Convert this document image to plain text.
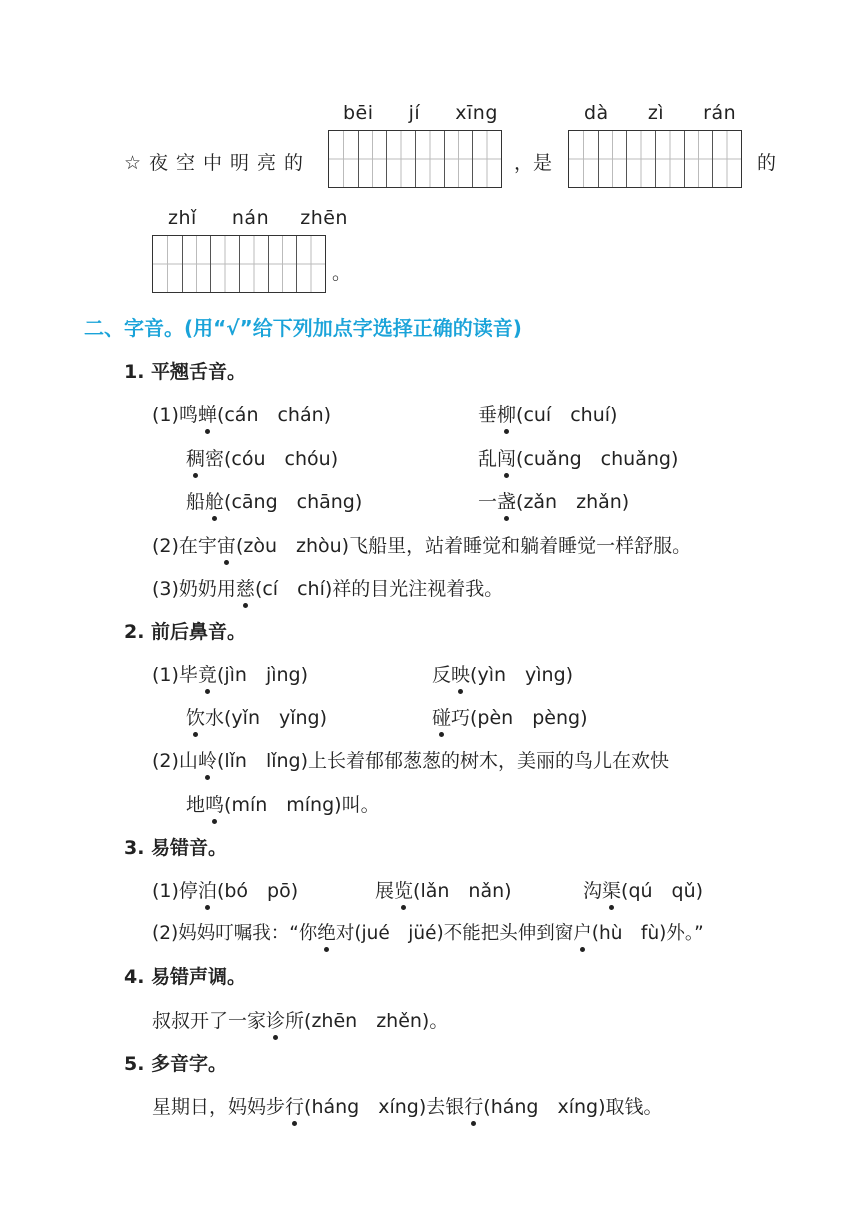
bēi jí xīng	dà zì rán
☆夜空中明亮的	，是	的
zhǐ nán zhēn
。
二、字音。(用“√”给下列加点字选择正确的读音)
1. 平翘舌音。
(1)鸣蝉(cán　chán)	垂柳(cuí　chuí)
稠密(cóu　chóu)	乱闯(cuǎng　chuǎng)
船舱(cāng　chāng)	一盏(zǎn　zhǎn)
(2)在宇宙(zòu　zhòu)飞船里，站着睡觉和躺着睡觉一样舒服。
(3)奶奶用慈(cí　chí)祥的目光注视着我。
2. 前后鼻音。
(1)毕竟(jìn　jìng)	反映(yìn　yìng)
饮水(yǐn　yǐng)	碰巧(pèn　pèng)
(2)山岭(lǐn　lǐng)上长着郁郁葱葱的树木，美丽的鸟儿在欢快
地鸣(mín　míng)叫。
3. 易错音。
(1)停泊(bó　pō)	展览(lǎn　nǎn)	沟渠(qú　qǔ)
(2)妈妈叮嘱我：“你绝对(jué　jüé)不能把头伸到窗户(hù　fù)外。”
4. 易错声调。
叔叔开了一家诊所(zhēn　zhěn)。
5. 多音字。
星期日，妈妈步行(háng　xíng)去银行(háng　xíng)取钱。
